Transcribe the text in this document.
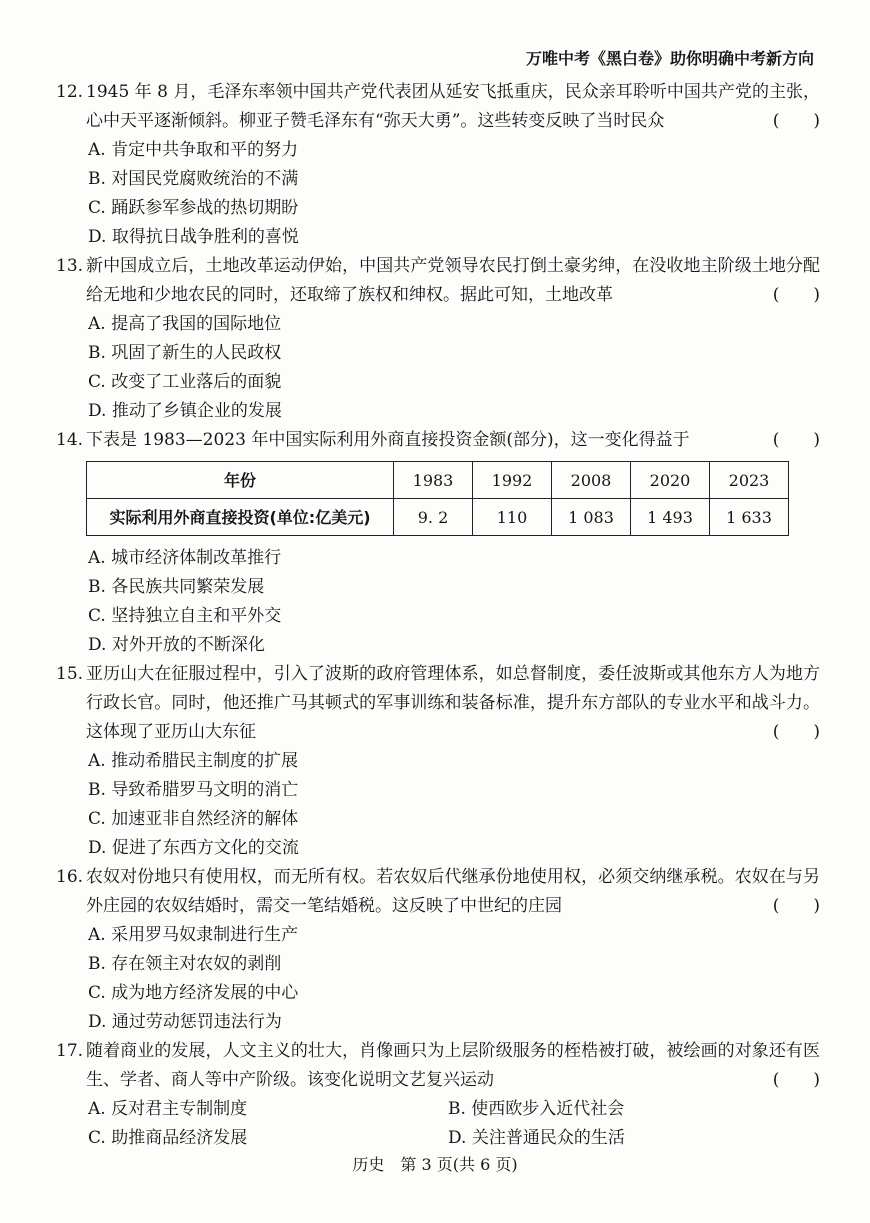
万唯中考《黑白卷》助你明确中考新方向
12. 1945 年 8 月，毛泽东率领中国共产党代表团从延安飞抵重庆，民众亲耳聆听中国共产党的主张，心中天平逐渐倾斜。柳亚子赞毛泽东有“弥天大勇”。这些转变反映了当时民众	(　　)
A. 肯定中共争取和平的努力
B. 对国民党腐败统治的不满
C. 踊跃参军参战的热切期盼
D. 取得抗日战争胜利的喜悦
13. 新中国成立后，土地改革运动伊始，中国共产党领导农民打倒土豪劣绅，在没收地主阶级土地分配给无地和少地农民的同时，还取缔了族权和绅权。据此可知，土地改革	(　　)
A. 提高了我国的国际地位
B. 巩固了新生的人民政权
C. 改变了工业落后的面貌
D. 推动了乡镇企业的发展
14. 下表是 1983—2023 年中国实际利用外商直接投资金额(部分)，这一变化得益于	(　　)
年份	1983	1992	2008	2020	2023
实际利用外商直接投资(单位:亿美元)	9. 2	110	1 083	1 493	1 633
A. 城市经济体制改革推行
B. 各民族共同繁荣发展
C. 坚持独立自主和平外交
D. 对外开放的不断深化
15. 亚历山大在征服过程中，引入了波斯的政府管理体系，如总督制度，委任波斯或其他东方人为地方行政长官。同时，他还推广马其顿式的军事训练和装备标准，提升东方部队的专业水平和战斗力。这体现了亚历山大东征	(　　)
A. 推动希腊民主制度的扩展
B. 导致希腊罗马文明的消亡
C. 加速亚非自然经济的解体
D. 促进了东西方文化的交流
16. 农奴对份地只有使用权，而无所有权。若农奴后代继承份地使用权，必须交纳继承税。农奴在与另外庄园的农奴结婚时，需交一笔结婚税。这反映了中世纪的庄园	(　　)
A. 采用罗马奴隶制进行生产
B. 存在领主对农奴的剥削
C. 成为地方经济发展的中心
D. 通过劳动惩罚违法行为
17. 随着商业的发展，人文主义的壮大，肖像画只为上层阶级服务的桎梏被打破，被绘画的对象还有医生、学者、商人等中产阶级。该变化说明文艺复兴运动	(　　)
A. 反对君主专制制度	B. 使西欧步入近代社会
C. 助推商品经济发展	D. 关注普通民众的生活
历史　第 3 页(共 6 页)
